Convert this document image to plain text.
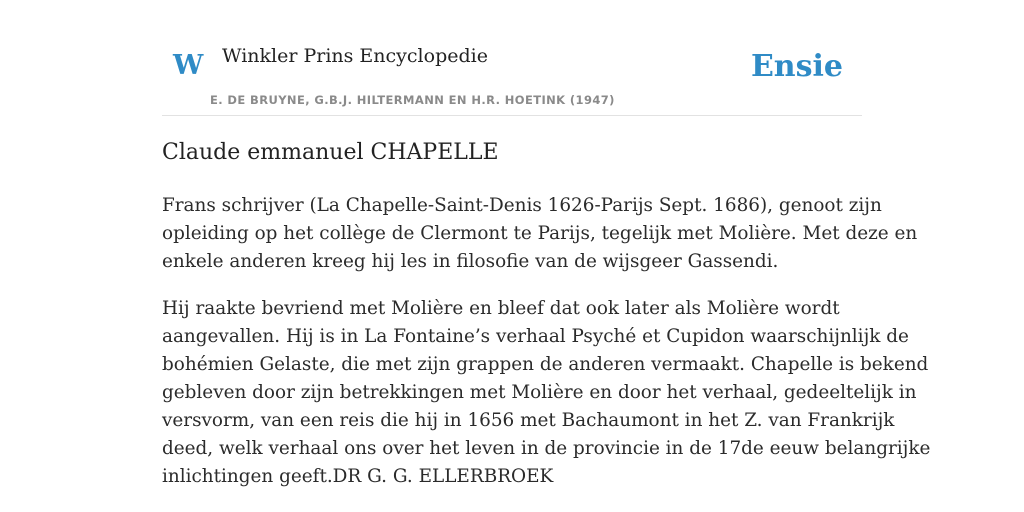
W Winkler Prins Encyclopedie
E. DE BRUYNE, G.B.J. HILTERMANN EN H.R. HOETINK (1947)
Ensie
Claude emmanuel CHAPELLE

Frans schrijver (La Chapelle-Saint-Denis 1626-Parijs Sept. 1686), genoot zijn
opleiding op het collège de Clermont te Parijs, tegelijk met Molière. Met deze en
enkele anderen kreeg hij les in filosofie van de wijsgeer Gassendi.

Hij raakte bevriend met Molière en bleef dat ook later als Molière wordt
aangevallen. Hij is in La Fontaine’s verhaal Psyché et Cupidon waarschijnlijk de
bohémien Gelaste, die met zijn grappen de anderen vermaakt. Chapelle is bekend
gebleven door zijn betrekkingen met Molière en door het verhaal, gedeeltelijk in
versvorm, van een reis die hij in 1656 met Bachaumont in het Z. van Frankrijk
deed, welk verhaal ons over het leven in de provincie in de 17de eeuw belangrijke
inlichtingen geeft.DR G. G. ELLERBROEK
